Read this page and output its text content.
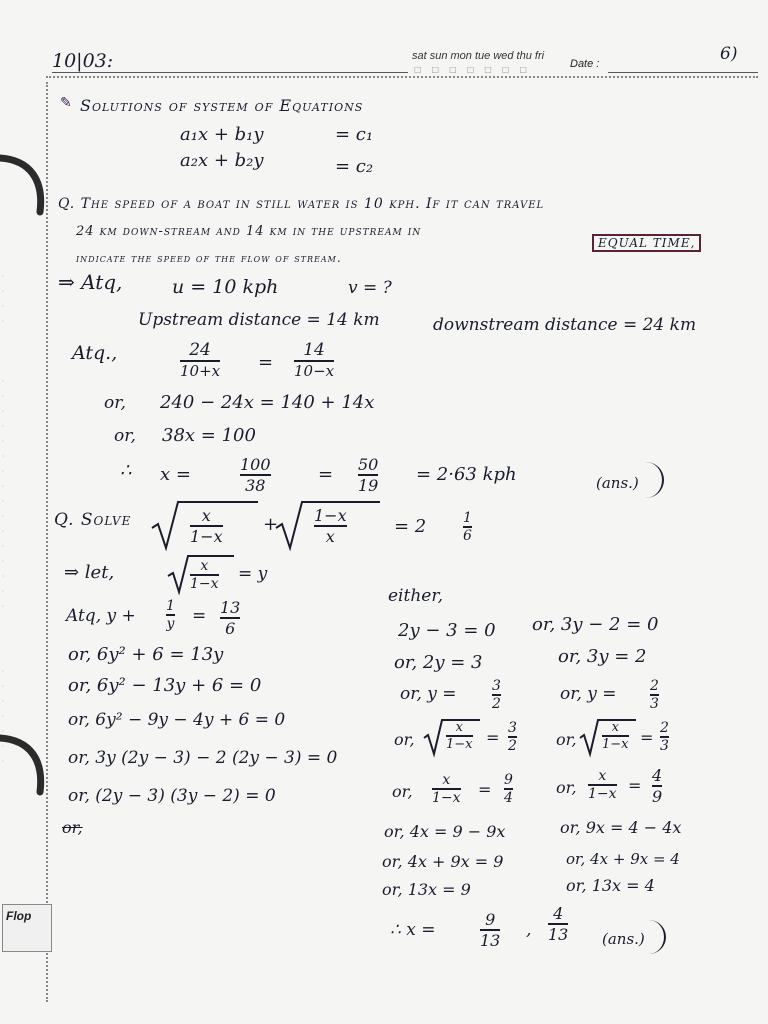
10|03:	sat sun mon tue wed thu fri
□□□□□□□	Date :	6)
✎ Solutions of system of Equations
a₁x + b₁y	= c₁
a₂x + b₂y	= c₂
Q. The speed of a boat in still water is 10 kph. If it can travel
24 km down-stream and 14 km in the upstream in
EQUAL TIME,
indicate the speed of the flow of stream.
⇒ Atq,	u = 10 kph	v = ?
Upstream distance = 14 km	downstream distance = 24 km
Atq.,	24
10+x =
14
10−x
or, 240 − 24x = 140 + 14x
or, 38x = 100
∴ x =	100
38
= 50
19
= 2·63 kph	(ans.)
Q. Solve	x
1−x
+ 1−x
x	= 2	1
6
⇒ let,	x
1−x = y
Atq, y + 1
y = 13
6
or, 6y² + 6 = 13y
or, 6y² − 13y + 6 = 0
or, 6y² − 9y − 4y + 6 = 0
or, 3y (2y − 3) − 2 (2y − 3) = 0
or, (2y − 3) (3y − 2) = 0
or,
either,
2y − 3 = 0 or, 3y − 2 = 0
or, 2y = 3	or, 3y = 2
or, y =	3
2	or, y = 2
3
or,
x
1−x = 3
2 or,
x
1−x = 2
3
or,
x
1−x = 9
4
or,
x
1−x =
4
9
or, 4x = 9 − 9x	or, 9x = 4 − 4x
or, 4x + 9x = 9	or, 4x + 9x = 4
or, 13x = 9	or, 13x = 4
∴ x =
9
13
,
4
13 (ans.)
Flop
